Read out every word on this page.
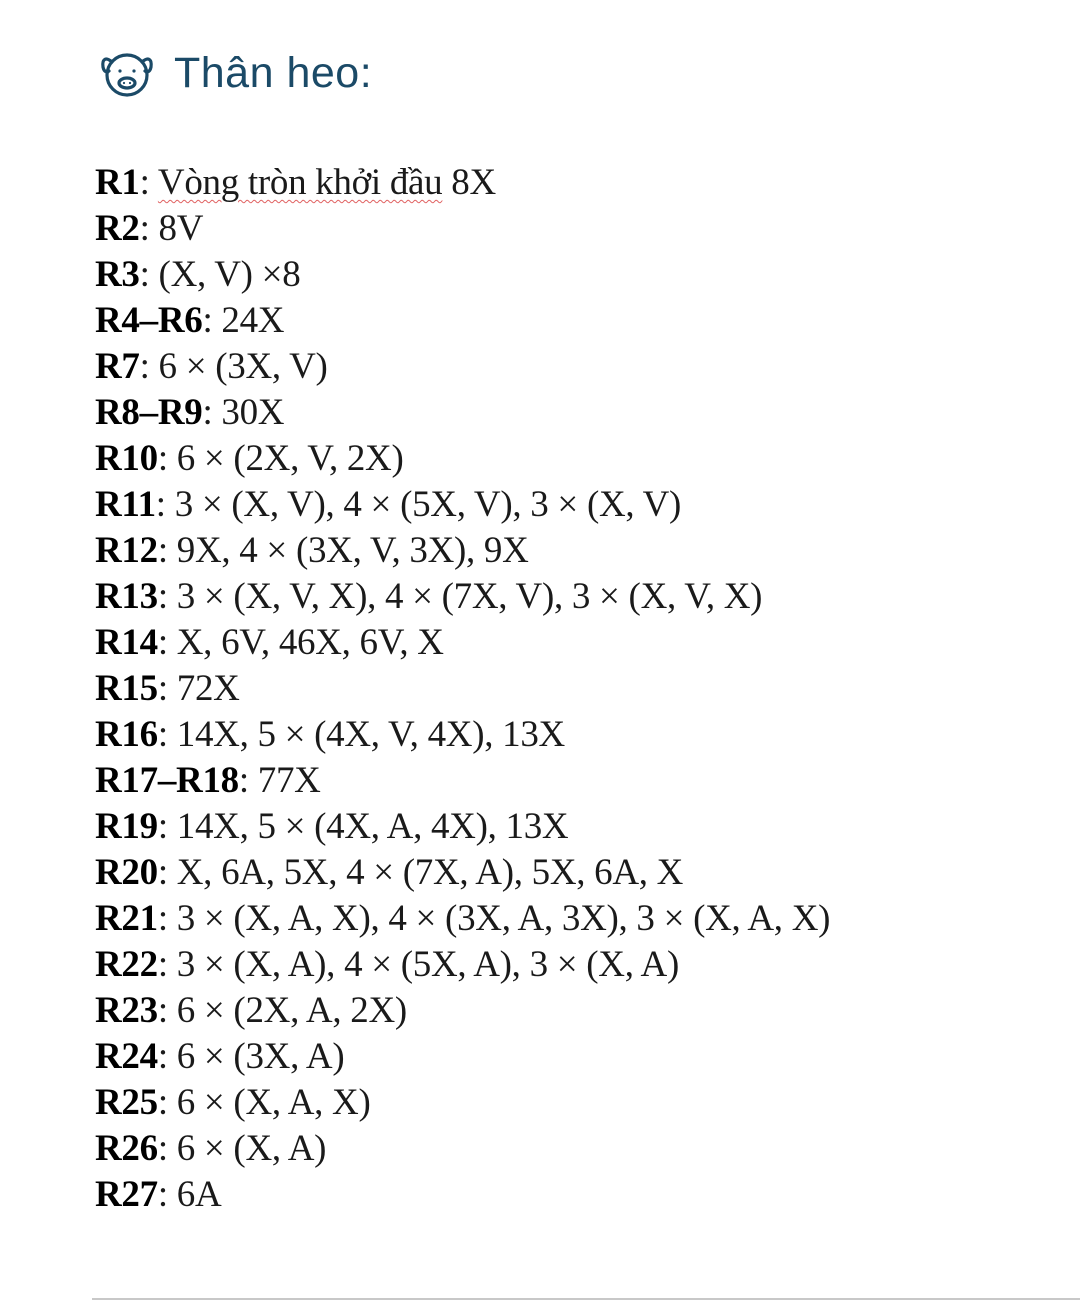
Thân heo:
R1: Vòng tròn khởi đầu 8X
R2: 8V
R3: (X, V) ×8
R4–R6: 24X
R7: 6 × (3X, V)
R8–R9: 30X
R10: 6 × (2X, V, 2X)
R11: 3 × (X, V), 4 × (5X, V), 3 × (X, V)
R12: 9X, 4 × (3X, V, 3X), 9X
R13: 3 × (X, V, X), 4 × (7X, V), 3 × (X, V, X)
R14: X, 6V, 46X, 6V, X
R15: 72X
R16: 14X, 5 × (4X, V, 4X), 13X
R17–R18: 77X
R19: 14X, 5 × (4X, A, 4X), 13X
R20: X, 6A, 5X, 4 × (7X, A), 5X, 6A, X
R21: 3 × (X, A, X), 4 × (3X, A, 3X), 3 × (X, A, X)
R22: 3 × (X, A), 4 × (5X, A), 3 × (X, A)
R23: 6 × (2X, A, 2X)
R24: 6 × (3X, A)
R25: 6 × (X, A, X)
R26: 6 × (X, A)
R27: 6A
